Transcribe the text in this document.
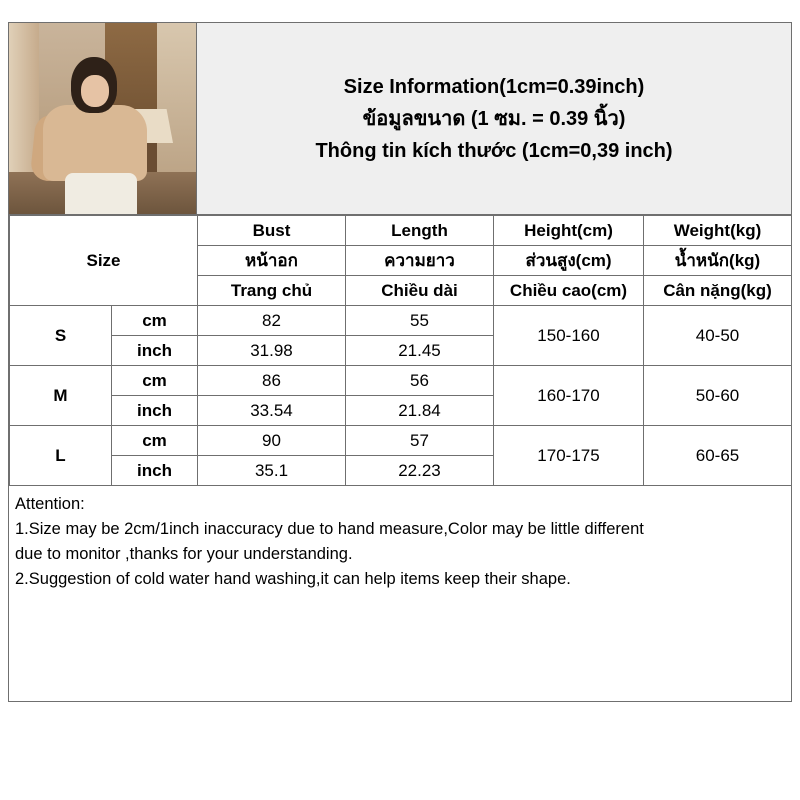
Size Information(1cm=0.39inch)
ข้อมูลขนาด (1 ซม. = 0.39 นิ้ว)
Thông tin kích thước (1cm=0,39 inch)
Size		Bust	Length	Height(cm)	Weight(kg)
		หน้าอก	ความยาว	ส่วนสูง(cm)	น้ำหนัก(kg)
		Trang chủ	Chiều dài	Chiều cao(cm)	Cân nặng(kg)
S	cm	82	55	150-160	40-50
	inch	31.98	21.45		
M	cm	86	56	160-170	50-60
	inch	33.54	21.84		
L	cm	90	57	170-175	60-65
	inch	35.1	22.23		
Attention:
1.Size may be 2cm/1inch inaccuracy due to hand measure,Color may be little different
due to monitor ,thanks for your understanding.
2.Suggestion of cold water hand washing,it can help items keep their shape.
